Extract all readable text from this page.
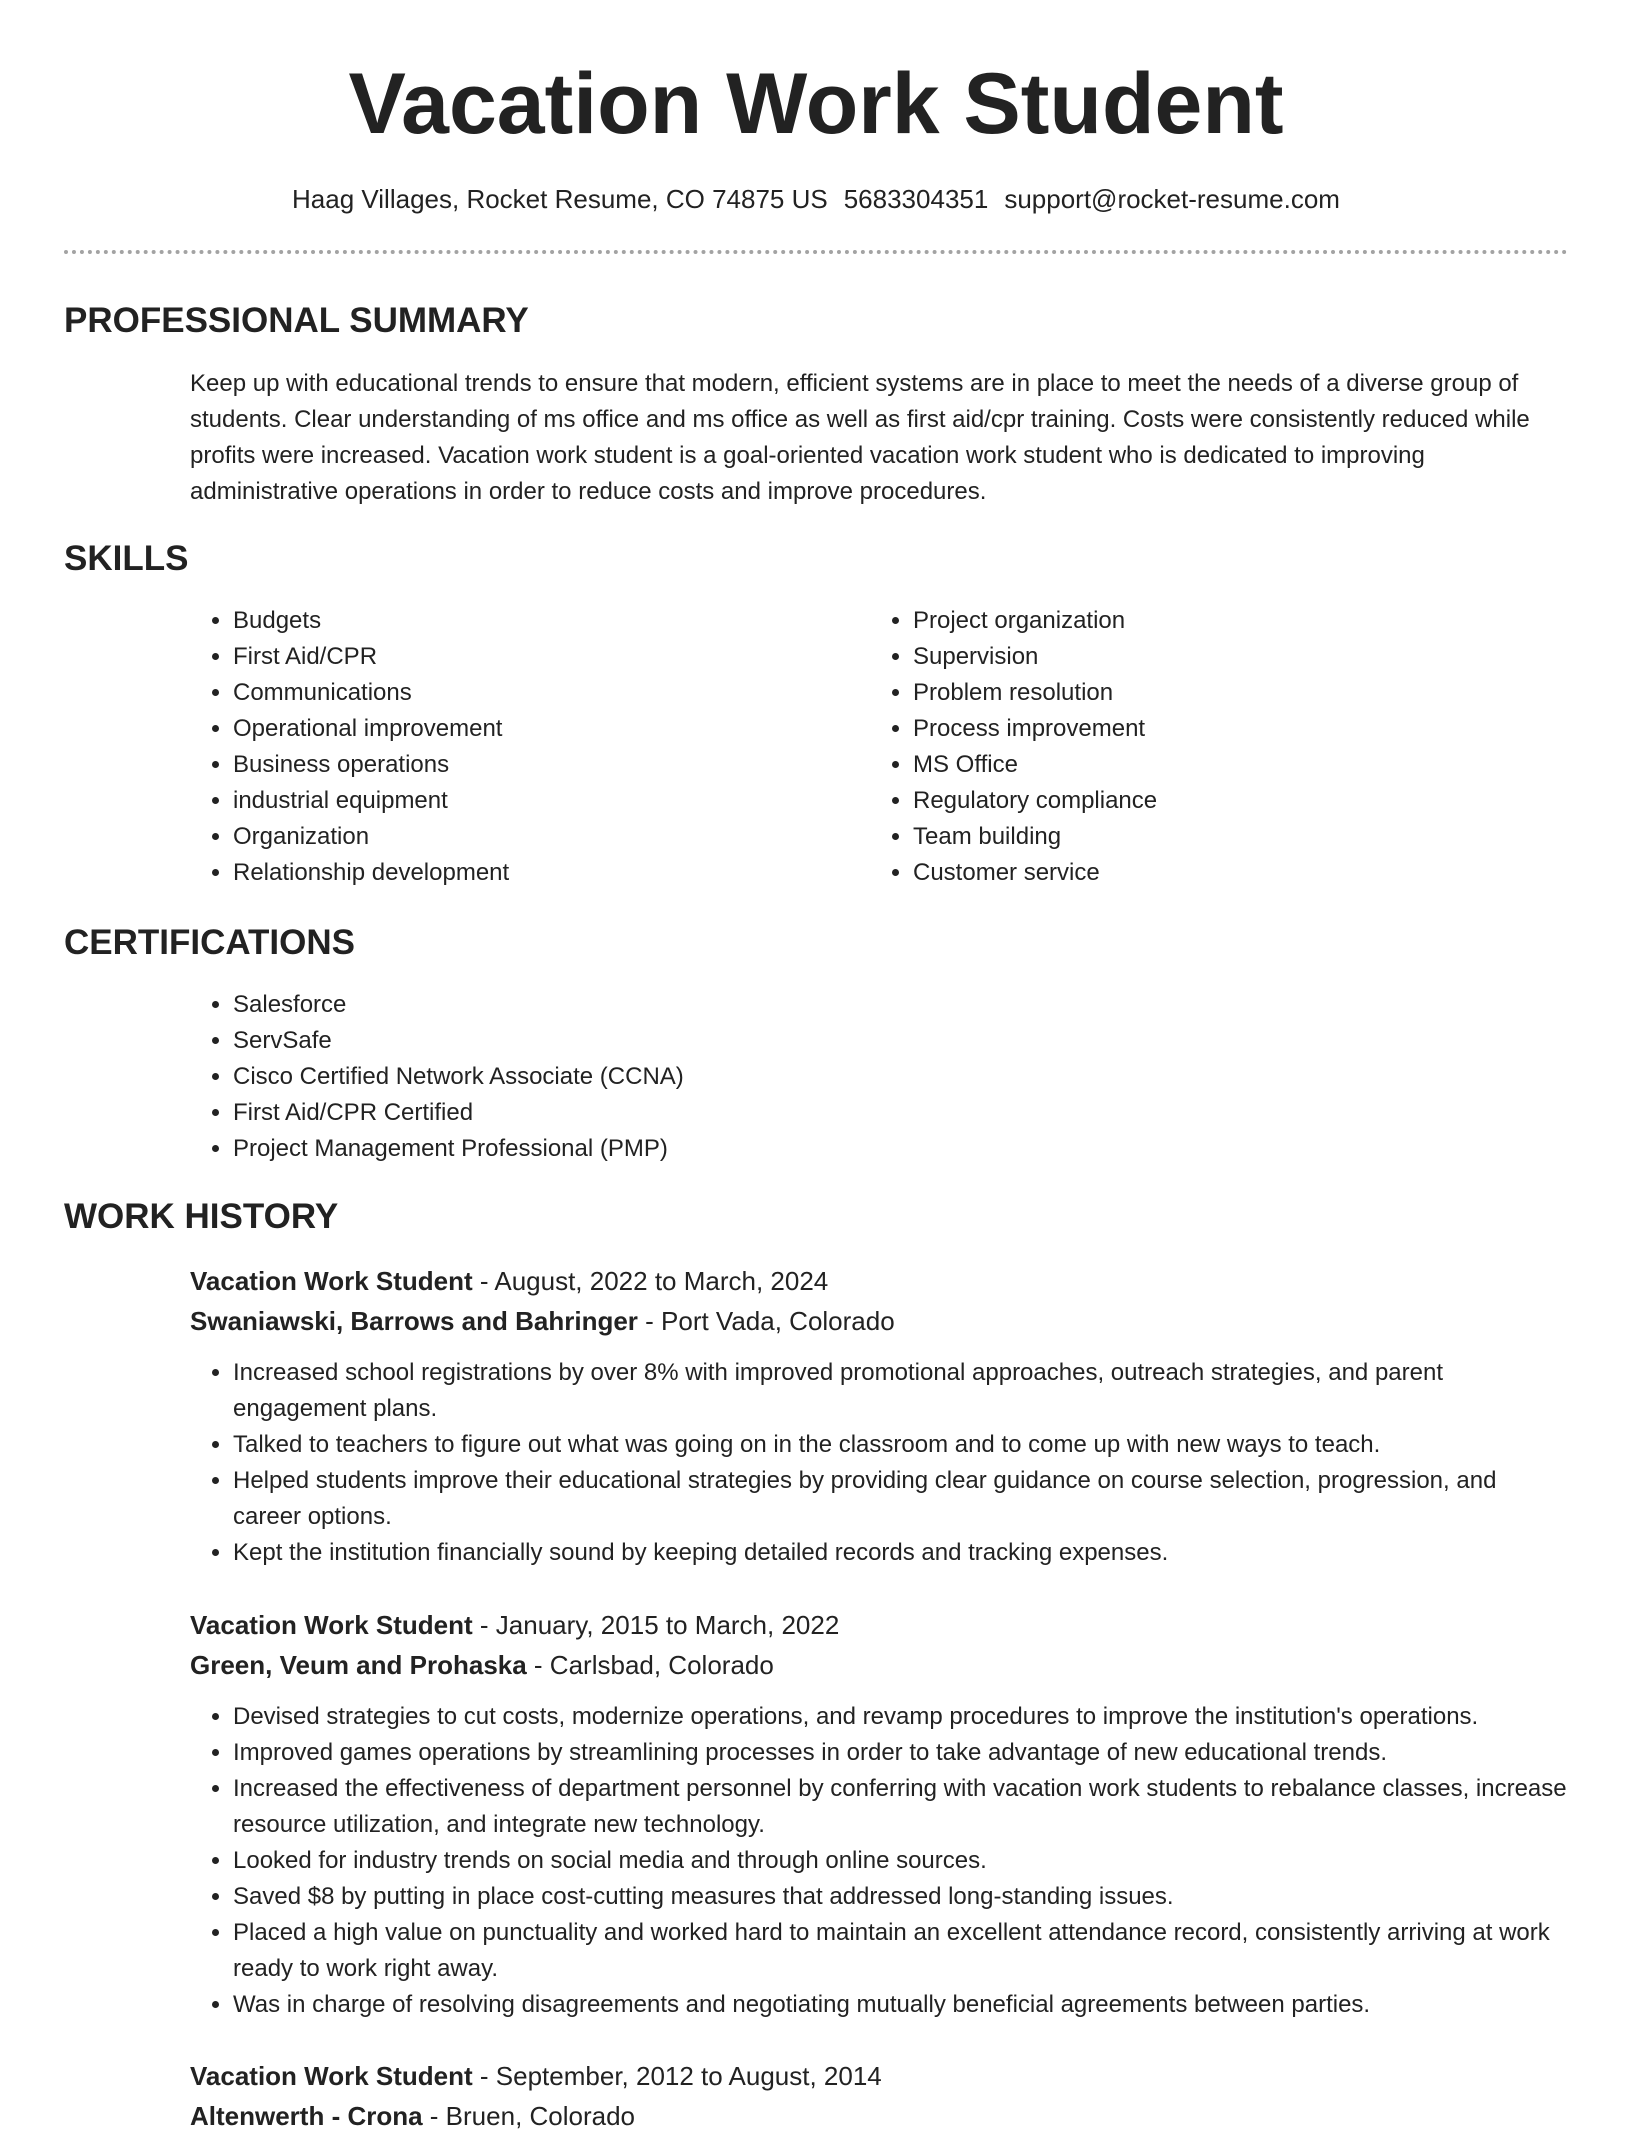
Vacation Work Student
Haag Villages, Rocket Resume, CO 74875 US 5683304351 support@rocket-resume.com
PROFESSIONAL SUMMARY

Keep up with educational trends to ensure that modern, efficient systems are in place to meet the needs of a diverse group of students. Clear understanding of ms office and ms office as well as first aid/cpr training. Costs were consistently reduced while profits were increased. Vacation work student is a goal-oriented vacation work student who is dedicated to improving administrative operations in order to reduce costs and improve procedures.

SKILLS
• Budgets
• First Aid/CPR
• Communications
• Operational improvement
• Business operations
• industrial equipment
• Organization
• Relationship development
• Project organization
• Supervision
• Problem resolution
• Process improvement
• MS Office
• Regulatory compliance
• Team building
• Customer service
CERTIFICATIONS
• Salesforce
• ServSafe
• Cisco Certified Network Associate (CCNA)
• First Aid/CPR Certified
• Project Management Professional (PMP)
WORK HISTORY
Vacation Work Student - August, 2022 to March, 2024
Swaniawski, Barrows and Bahringer - Port Vada, Colorado
• Increased school registrations by over 8% with improved promotional approaches, outreach strategies, and parent engagement plans.
• Talked to teachers to figure out what was going on in the classroom and to come up with new ways to teach.
• Helped students improve their educational strategies by providing clear guidance on course selection, progression, and career options.
• Kept the institution financially sound by keeping detailed records and tracking expenses.
Vacation Work Student - January, 2015 to March, 2022
Green, Veum and Prohaska - Carlsbad, Colorado
• Devised strategies to cut costs, modernize operations, and revamp procedures to improve the institution's operations.
• Improved games operations by streamlining processes in order to take advantage of new educational trends.
• Increased the effectiveness of department personnel by conferring with vacation work students to rebalance classes, increase resource utilization, and integrate new technology.
• Looked for industry trends on social media and through online sources.
• Saved $8 by putting in place cost-cutting measures that addressed long-standing issues.
• Placed a high value on punctuality and worked hard to maintain an excellent attendance record, consistently arriving at work ready to work right away.
• Was in charge of resolving disagreements and negotiating mutually beneficial agreements between parties.
Vacation Work Student - September, 2012 to August, 2014
Altenwerth - Crona - Bruen, Colorado
